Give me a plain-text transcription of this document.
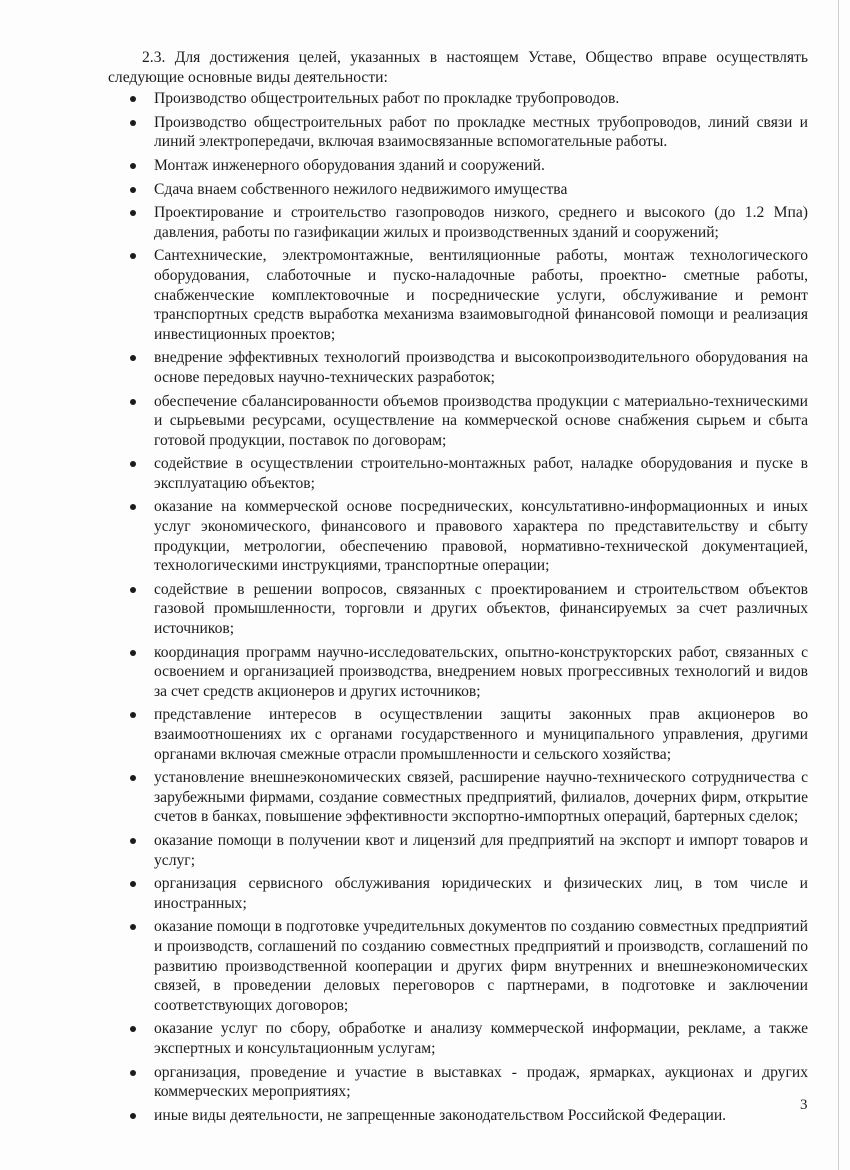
2.3. Для достижения целей, указанных в настоящем Уставе, Общество вправе осуществлять следующие основные виды деятельности:

Производство общестроительных работ по прокладке трубопроводов.
Производство общестроительных работ по прокладке местных трубопроводов, линий связи и линий электропередачи, включая взаимосвязанные вспомогательные работы.
Монтаж инженерного оборудования зданий и сооружений.
Сдача внаем собственного нежилого недвижимого имущества
Проектирование и строительство газопроводов низкого, среднего и высокого (до 1.2 Мпа) давления, работы по газификации жилых и производственных зданий и сооружений;
Сантехнические, электромонтажные, вентиляционные работы, монтаж технологического оборудования, слаботочные и пуско-наладочные работы, проектно- сметные работы, снабженческие комплектовочные и посреднические услуги, обслуживание и ремонт транспортных средств выработка механизма взаимовыгодной финансовой помощи и реализация инвестиционных проектов;
внедрение эффективных технологий производства и высокопроизводительного оборудования на основе передовых научно-технических разработок;
обеспечение сбалансированности объемов производства продукции с материально-техническими и сырьевыми ресурсами, осуществление на коммерческой основе снабжения сырьем и сбыта готовой продукции, поставок по договорам;
содействие в осуществлении строительно-монтажных работ, наладке оборудования и пуске в эксплуатацию объектов;
оказание на коммерческой основе посреднических, консультативно-информационных и иных услуг экономического, финансового и правового характера по представительству и сбыту продукции, метрологии, обеспечению правовой, нормативно-технической документацией, технологическими инструкциями, транспортные операции;
содействие в решении вопросов, связанных с проектированием и строительством объектов газовой промышленности, торговли и других объектов, финансируемых за счет различных источников;
координация программ научно-исследовательских, опытно-конструкторских работ, связанных с освоением и организацией производства, внедрением новых прогрессивных технологий и видов за счет средств акционеров и других источников;
представление интересов в осуществлении защиты законных прав акционеров во взаимоотношениях их с органами государственного и муниципального управления, другими органами включая смежные отрасли промышленности и сельского хозяйства;
установление внешнеэкономических связей, расширение научно-технического сотрудничества с зарубежными фирмами, создание совместных предприятий, филиалов, дочерних фирм, открытие счетов в банках, повышение эффективности экспортно-импортных операций, бартерных сделок;
оказание помощи в получении квот и лицензий для предприятий на экспорт и импорт товаров и услуг;
организация сервисного обслуживания юридических и физических лиц, в том числе и иностранных;
оказание помощи в подготовке учредительных документов по созданию совместных предприятий и производств, соглашений по созданию совместных предприятий и производств, соглашений по развитию производственной кооперации и других фирм внутренних и внешнеэкономических связей, в проведении деловых переговоров с партнерами, в подготовке и заключении соответствующих договоров;
оказание услуг по сбору, обработке и анализу коммерческой информации, рекламе, а также экспертных и консультационным услугам;
организация, проведение и участие в выставках - продаж, ярмарках, аукционах и других коммерческих мероприятиях;
иные виды деятельности, не запрещенные законодательством Российской Федерации.
3
